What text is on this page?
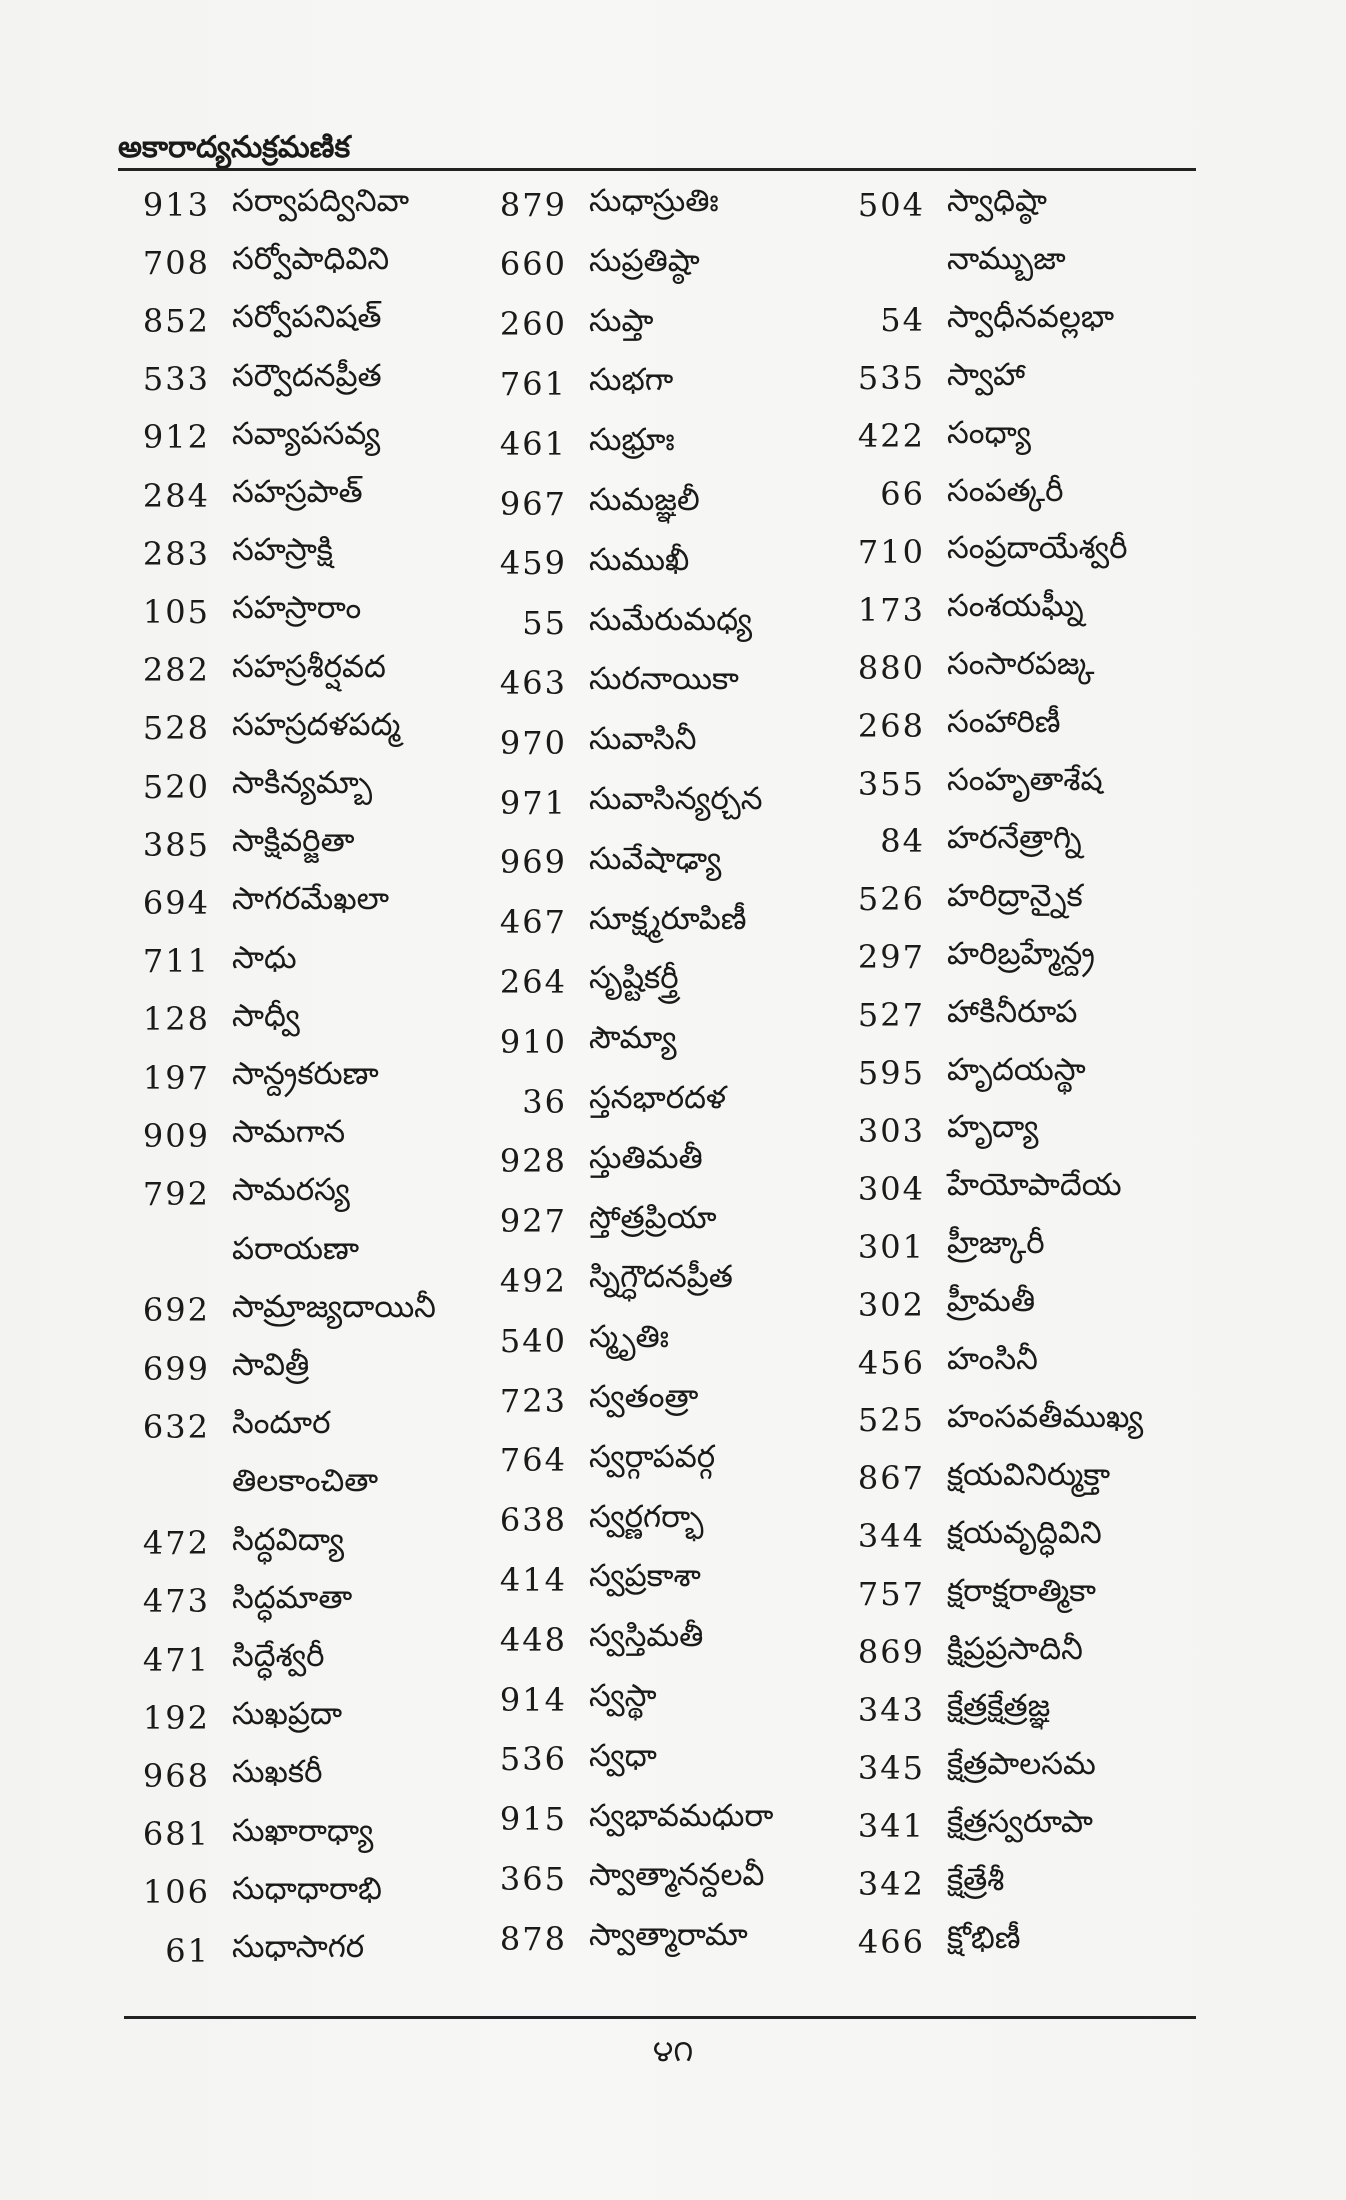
అకారాద్యనుక్రమణిక
913 సర్వాపద్వినివా
708 సర్వోపాధివిని
852 సర్వోపనిషత్
533 సర్వౌదనప్రీత
912 సవ్యాపసవ్య
284 సహస్రపాత్
283 సహస్రాక్షి
105 సహస్రారాం
282 సహస్రశీర్షవద
528 సహస్రదళపద్మ
520 సాకిన్యమ్బా
385 సాక్షివర్జితా
694 సాగరమేఖలా
711 సాధు
128 సాధ్వీ
197 సాన్ద్రకరుణా
909 సామగాన
792 సామరస్య
పరాయణా
692 సామ్రాజ్యదాయినీ
699 సావిత్రీ
632 సిందూర
తిలకాంచితా
472 సిద్ధవిద్యా
473 సిద్ధమాతా
471 సిద్ధేశ్వరీ
192 సుఖప్రదా
968 సుఖకరీ
681 సుఖారాధ్యా
106 సుధాధారాభి
61 సుధాసాగర
879 సుధాస్రుతిః
660 సుప్రతిష్ఠా
260 సుప్తా
761 సుభగా
461 సుభ్రూః
967 సుమజ్ఞలీ
459 సుముఖీ
55 సుమేరుమధ్య
463 సురనాయికా
970 సువాసినీ
971 సువాసిన్యర్చన
969 సువేషాఢ్యా
467 సూక్ష్మరూపిణీ
264 సృష్టికర్త్రీ
910 సౌమ్యా
36 స్తనభారదళ
928 స్తుతిమతీ
927 స్తోత్రప్రియా
492 స్నిగ్ధౌదనప్రీత
540 స్మృతిః
723 స్వతంత్రా
764 స్వర్గాపవర్గ
638 స్వర్ణగర్భా
414 స్వప్రకాశా
448 స్వస్తిమతీ
914 స్వస్థా
536 స్వధా
915 స్వభావమధురా
365 స్వాత్మానన్దలవీ
878 స్వాత్మారామా
504 స్వాధిష్ఠా
నామ్బుజా
54 స్వాధీనవల్లభా
535 స్వాహా
422 సంధ్యా
66 సంపత్కరీ
710 సంప్రదాయేశ్వరీ
173 సంశయఘ్నీ
880 సంసారపజ్క
268 సంహారిణీ
355 సంహృతాశేష
84 హరనేత్రాగ్ని
526 హరిద్రాన్నైక
297 హరిబ్రహ్మేన్ద్ర
527 హాకినీరూప
595 హృదయస్థా
303 హృద్యా
304 హేయోపాదేయ
301 హ్రీజ్కారీ
302 హ్రీమతీ
456 హంసినీ
525 హంసవతీముఖ్య
867 క్షయవినిర్ముక్తా
344 క్షయవృద్ధివిని
757 క్షరాక్షరాత్మికా
869 క్షిప్రప్రసాదినీ
343 క్షేత్రక్షేత్రజ్ఞ
345 క్షేత్రపాలసమ
341 క్షేత్రస్వరూపా
342 క్షేత్రేశీ
466 క్షోభిణీ
౪౧
